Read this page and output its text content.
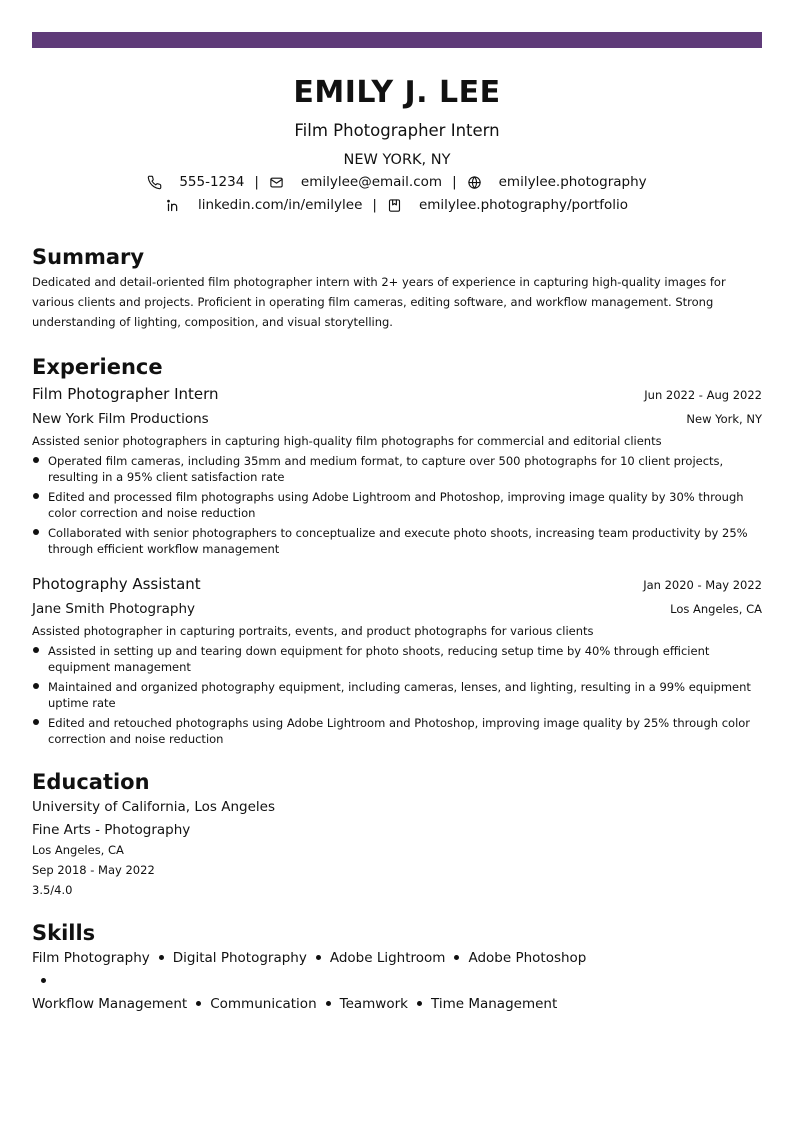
EMILY J. LEE
Film Photographer Intern
NEW YORK, NY
555-1234 |	emilylee@email.com |	emilylee.photography
linkedin.com/in/emilylee |	emilylee.photography/portfolio
Summary
Dedicated and detail-oriented film photographer intern with 2+ years of experience in capturing high-quality images for various clients and projects. Proficient in operating film cameras, editing software, and workflow management. Strong understanding of lighting, composition, and visual storytelling.
Experience
Film Photographer Intern	Jun 2022 - Aug 2022
New York Film Productions	New York, NY
Assisted senior photographers in capturing high-quality film photographs for commercial and editorial clients
Operated film cameras, including 35mm and medium format, to capture over 500 photographs for 10 client projects, resulting in a 95% client satisfaction rate
Edited and processed film photographs using Adobe Lightroom and Photoshop, improving image quality by 30% through color correction and noise reduction
Collaborated with senior photographers to conceptualize and execute photo shoots, increasing team productivity by 25% through efficient workflow management
Photography Assistant	Jan 2020 - May 2022
Jane Smith Photography	Los Angeles, CA
Assisted photographer in capturing portraits, events, and product photographs for various clients
Assisted in setting up and tearing down equipment for photo shoots, reducing setup time by 40% through efficient equipment management
Maintained and organized photography equipment, including cameras, lenses, and lighting, resulting in a 99% equipment uptime rate
Edited and retouched photographs using Adobe Lightroom and Photoshop, improving image quality by 25% through color correction and noise reduction
Education
University of California, Los Angeles
Fine Arts - Photography
Los Angeles, CA
Sep 2018 - May 2022
3.5/4.0
Skills
Film Photography Digital Photography Adobe Lightroom Adobe Photoshop
Workflow Management Communication Teamwork Time Management
